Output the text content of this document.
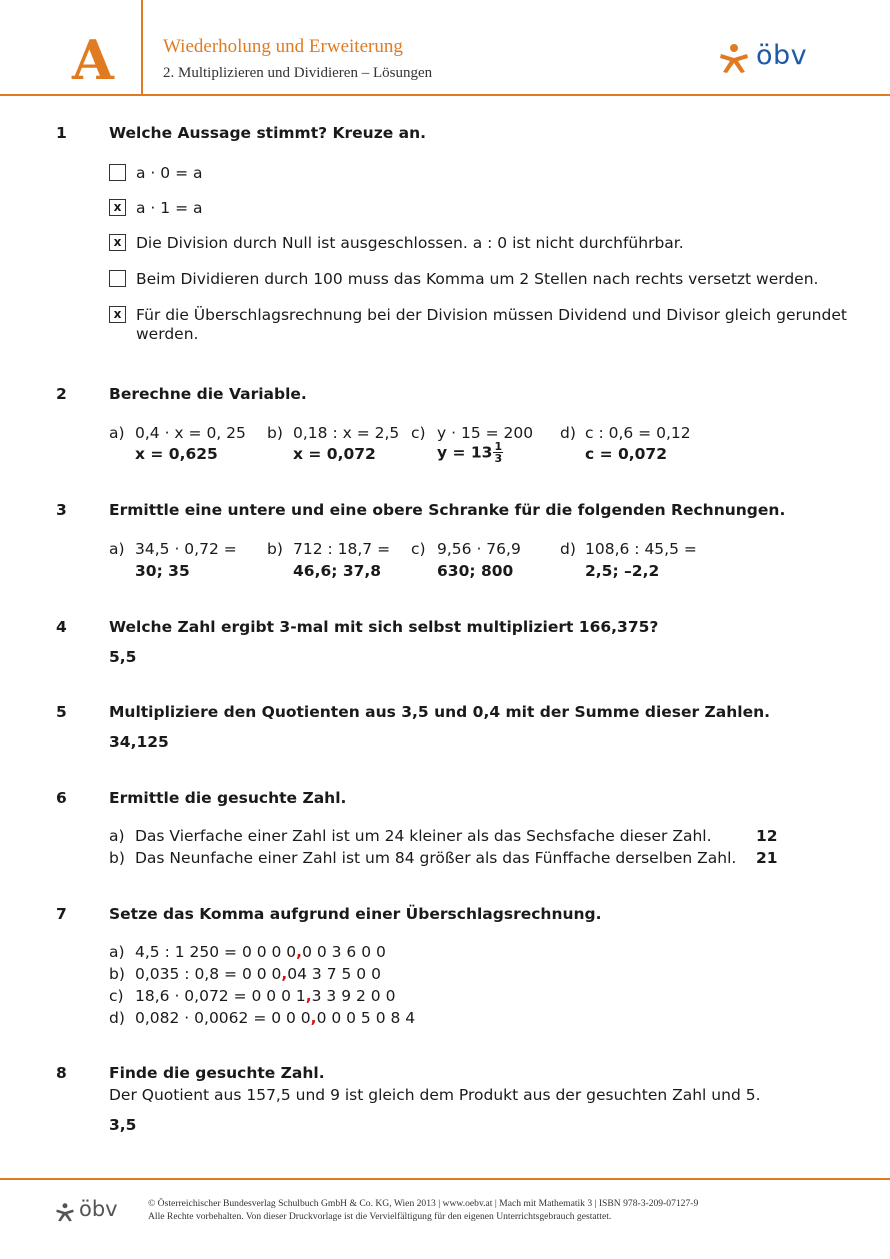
A	Wiederholung und Erweiterung
2. Multiplizieren und Dividieren – Lösungen
öbv
1	Welche Aussage stimmt? Kreuze an.
a · 0 = a
x a · 1 = a
x Die Division durch Null ist ausgeschlossen. a : 0 ist nicht durchführbar.
Beim Dividieren durch 100 muss das Komma um 2 Stellen nach rechts versetzt werden.
x Für die Überschlagsrechnung bei der Division müssen Dividend und Divisor gleich gerundet
werden.
2	Berechne die Variable.
a) 0,4 · x = 0, 25
x = 0,625
b) 0,18 : x = 2,5
x = 0,072
c) y · 15 = 200
$y = 13 \frac{1}{3}$
d) c : 0,6 = 0,12
c = 0,072
3	Ermittle eine untere und eine obere Schranke für die folgenden Rechnungen.
a) 34,5 · 0,72 =
30; 35
b) 712 : 18,7 =
46,6; 37,8
c) 9,56 · 76,9
630; 800
d) 108,6 : 45,5 =
2,5; –2,2
4	Welche Zahl ergibt 3-mal mit sich selbst multipliziert 166,375?
5,5
5	Multipliziere den Quotienten aus 3,5 und 0,4 mit der Summe dieser Zahlen.
34,125
6	Ermittle die gesuchte Zahl.
a) Das Vierfache einer Zahl ist um 24 kleiner als das Sechsfache dieser Zahl.	12
b) Das Neunfache einer Zahl ist um 84 größer als das Fünffache derselben Zahl. 21
7	Setze das Komma aufgrund einer Überschlagsrechnung.
a) 4,5 : 1 250 = 0 0 0 0,0 0 3 6 0 0
b) 0,035 : 0,8 = 0 0 0,04 3 7 5 0 0
c) 18,6 · 0,072 = 0 0 0 1,3 3 9 2 0 0
d) 0,082 · 0,0062 = 0 0 0,0 0 0 5 0 8 4
8	Finde die gesuchte Zahl.
Der Quotient aus 157,5 und 9 ist gleich dem Produkt aus der gesuchten Zahl und 5.
3,5
öbv	© Österreichischer Bundesverlag Schulbuch GmbH & Co. KG, Wien 2013 | www.oebv.at | Mach mit Mathematik 3 | ISBN 978-3-209-07127-9
Alle Rechte vorbehalten. Von dieser Druckvorlage ist die Vervielfältigung für den eigenen Unterrichtsgebrauch gestattet.
